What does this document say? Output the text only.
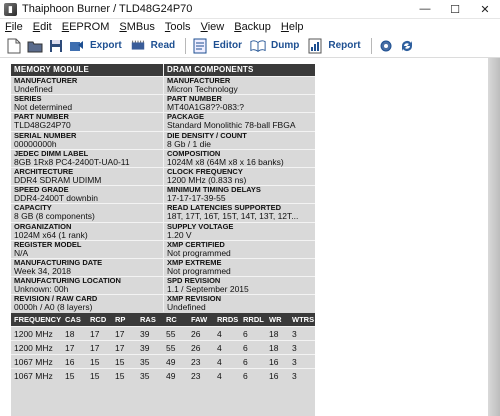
▮ Thaiphoon Burner / TLD48G24P70	—	☐	✕
File Edit EEPROM SMBus Tools View Backup Help
Export	Read	Editor	Dump	Report
MEMORY MODULE
MANUFACTURER
Undefined
SERIES
Not determined
PART NUMBER
TLD48G24P70
SERIAL NUMBER
00000000h
JEDEC DIMM LABEL
8GB 1Rx8 PC4-2400T-UA0-11
ARCHITECTURE
DDR4 SDRAM UDIMM
SPEED GRADE
DDR4-2400T downbin
CAPACITY
8 GB (8 components)
ORGANIZATION
1024M x64 (1 rank)
REGISTER MODEL
N/A
MANUFACTURING DATE
Week 34, 2018
MANUFACTURING LOCATION
Unknown: 00h
REVISION / RAW CARD
0000h / A0 (8 layers)
DRAM COMPONENTS
MANUFACTURER
Micron Technology
PART NUMBER
MT40A1G8??-083:?
PACKAGE
Standard Monolithic 78-ball FBGA
DIE DENSITY / COUNT
8 Gb / 1 die
COMPOSITION
1024M x8 (64M x8 x 16 banks)
CLOCK FREQUENCY
1200 MHz (0.833 ns)
MINIMUM TIMING DELAYS
17-17-17-39-55
READ LATENCIES SUPPORTED
18T, 17T, 16T, 15T, 14T, 13T, 12T...
SUPPLY VOLTAGE
1.20 V
XMP CERTIFIED
Not programmed
XMP EXTREME
Not programmed
SPD REVISION
1.1 / September 2015
XMP REVISION
Undefined
FREQUENCY CAS	RCD	RP	RAS	RC	FAW	RRDS RRDL WR	WTRS
1200 MHz	18	17	17	39	55	26	4	6	18	3
1200 MHz	17	17	17	39	55	26	4	6	18	3
1067 MHz	16	15	15	35	49	23	4	6	16	3
1067 MHz	15	15	15	35	49	23	4	6	16	3
